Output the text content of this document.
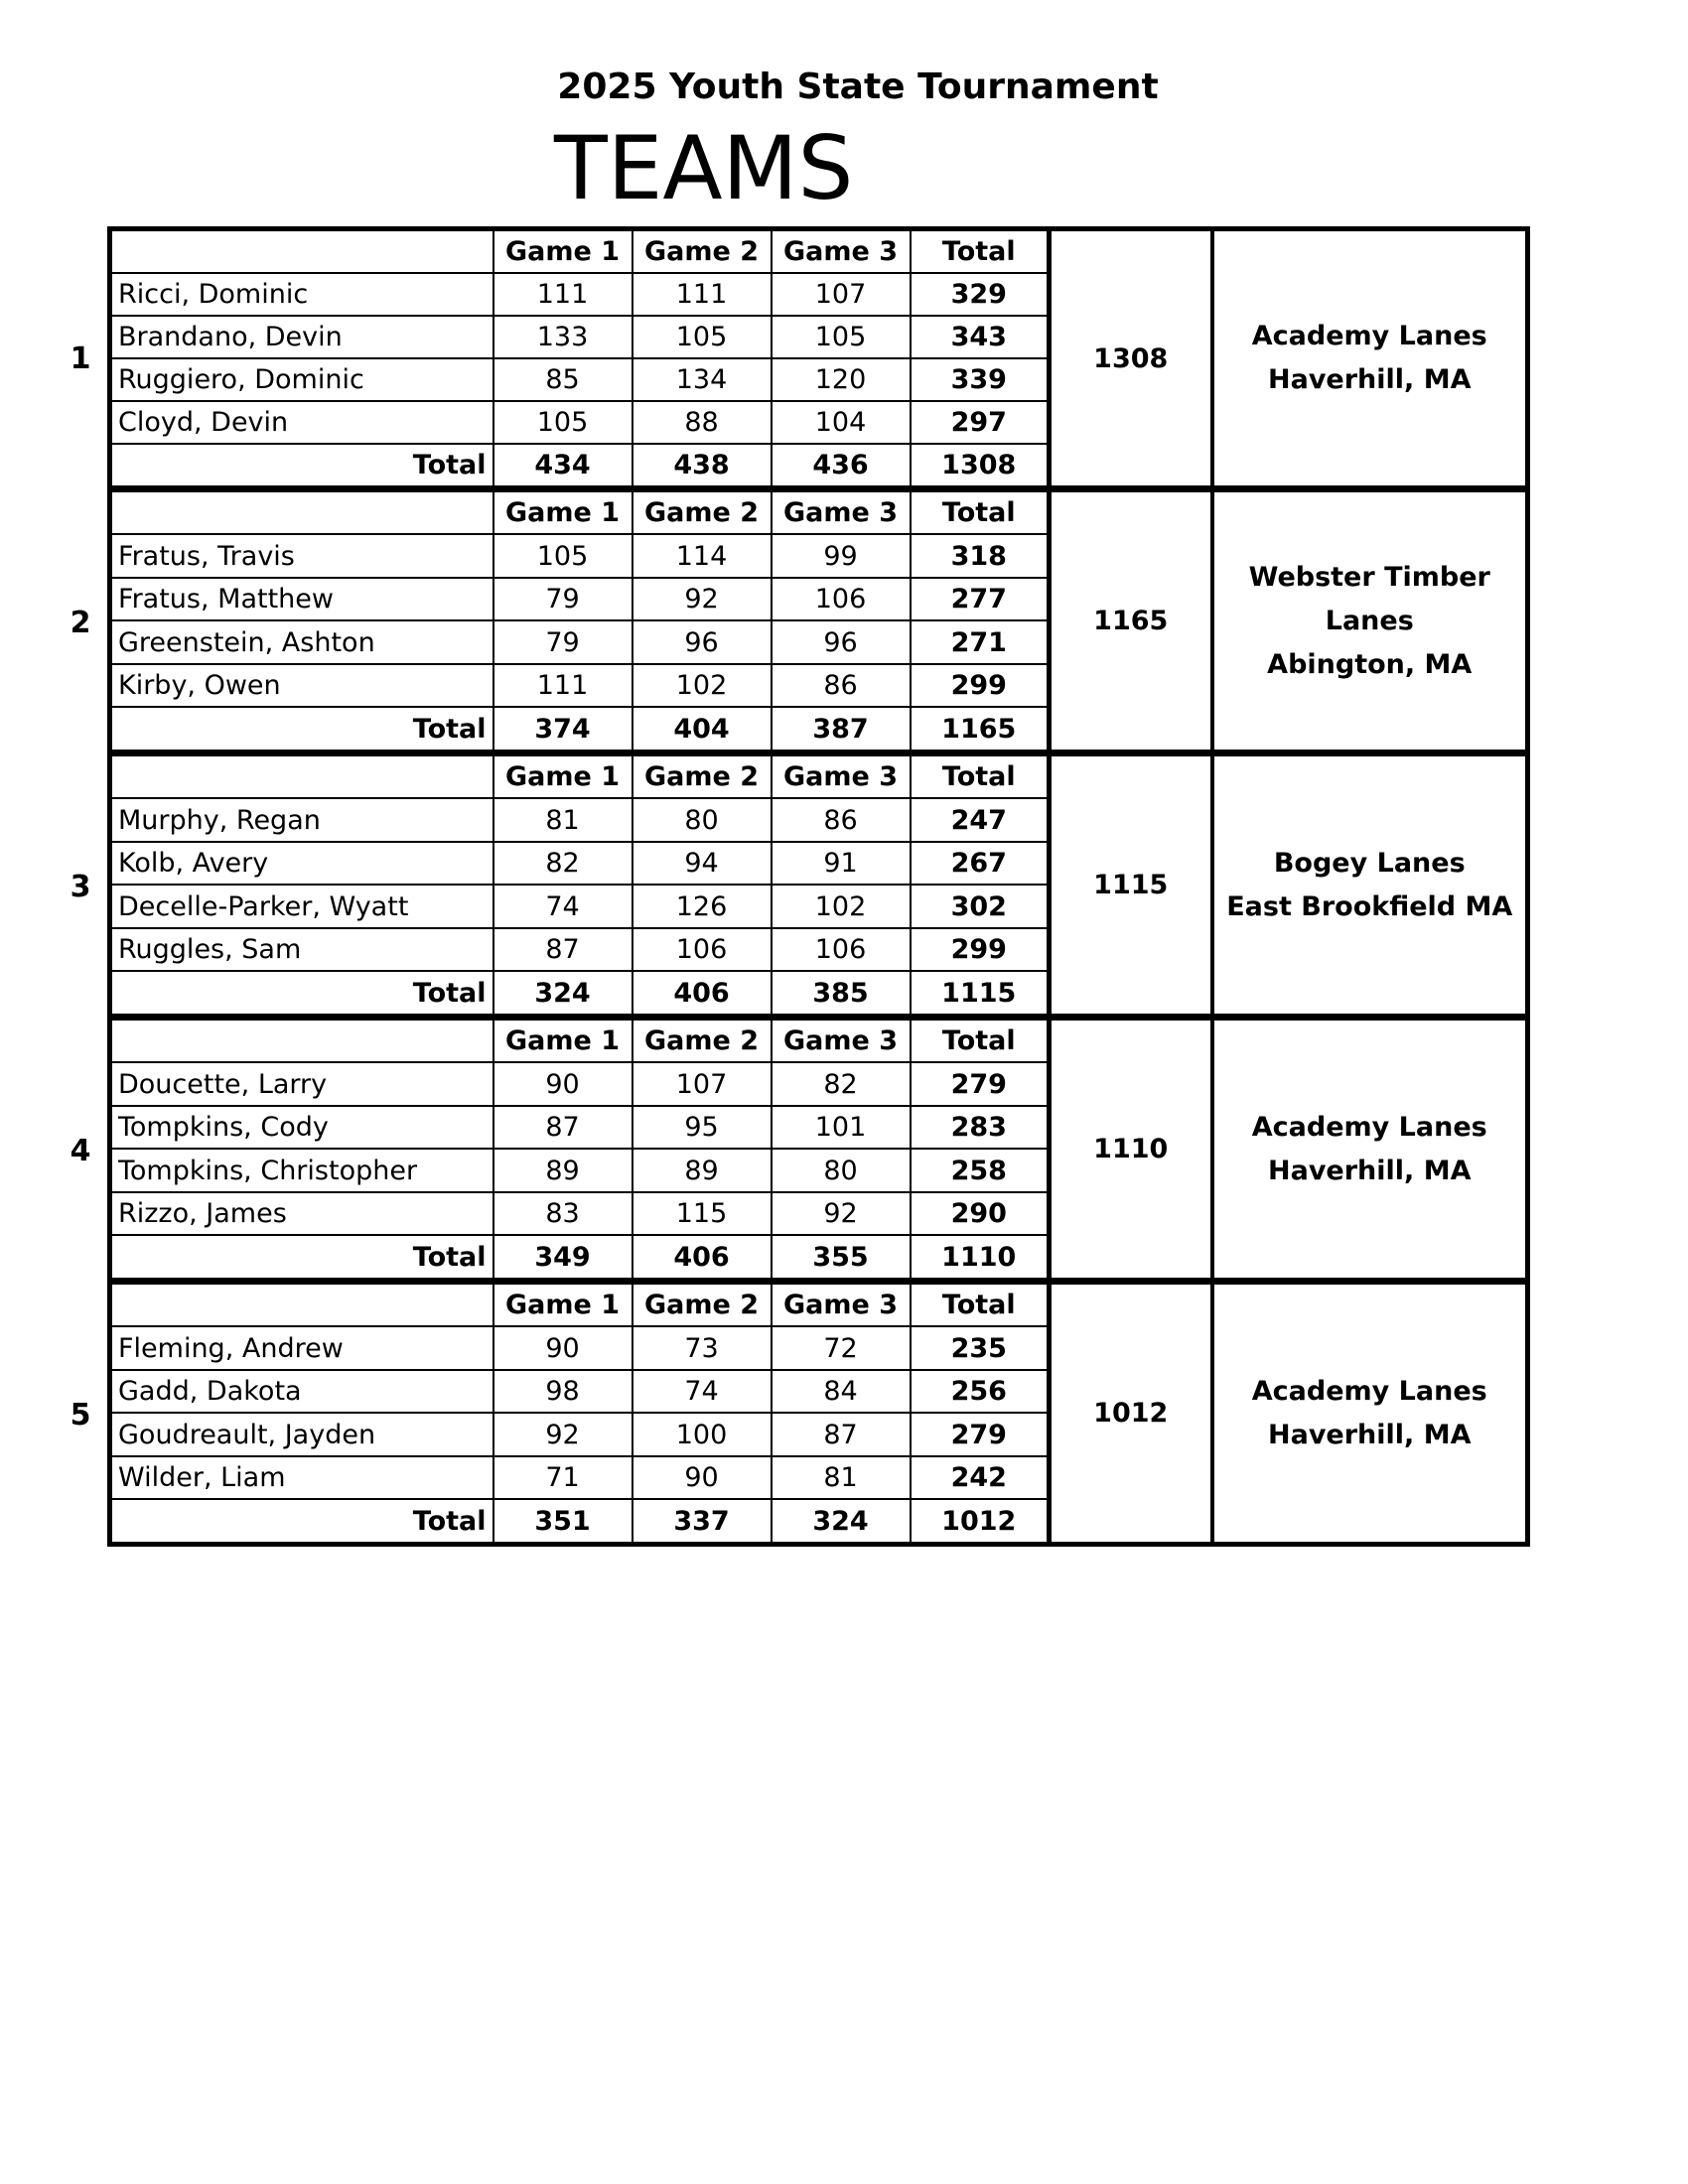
2025 Youth State Tournament
TEAMS
1
	Game 1	Game 2	Game 3	Total	1308	Academy Lanes
Haverhill, MA

Ricci, Dominic	111	111	107	329		
Brandano, Devin	133	105	105	343		
Ruggiero, Dominic	85	134	120	339		
Cloyd, Devin	105	88	104	297		
Total	434	438	436	1308		
2
	Game 1	Game 2	Game 3	Total	1165	Webster Timber
Lanes
Abington, MA

Fratus, Travis	105	114	99	318		
Fratus, Matthew	79	92	106	277		
Greenstein, Ashton	79	96	96	271		
Kirby, Owen	111	102	86	299		
Total	374	404	387	1165		
3
	Game 1	Game 2	Game 3	Total	1115	Bogey Lanes
East Brookfield MA

Murphy, Regan	81	80	86	247		
Kolb, Avery	82	94	91	267		
Decelle-Parker, Wyatt	74	126	102	302		
Ruggles, Sam	87	106	106	299		
Total	324	406	385	1115		
4
	Game 1	Game 2	Game 3	Total	1110	Academy Lanes
Haverhill, MA

Doucette, Larry	90	107	82	279		
Tompkins, Cody	87	95	101	283		
Tompkins, Christopher	89	89	80	258		
Rizzo, James	83	115	92	290		
Total	349	406	355	1110		
5
	Game 1	Game 2	Game 3	Total	1012	Academy Lanes
Haverhill, MA

Fleming, Andrew	90	73	72	235		
Gadd, Dakota	98	74	84	256		
Goudreault, Jayden	92	100	87	279		
Wilder, Liam	71	90	81	242		
Total	351	337	324	1012		
